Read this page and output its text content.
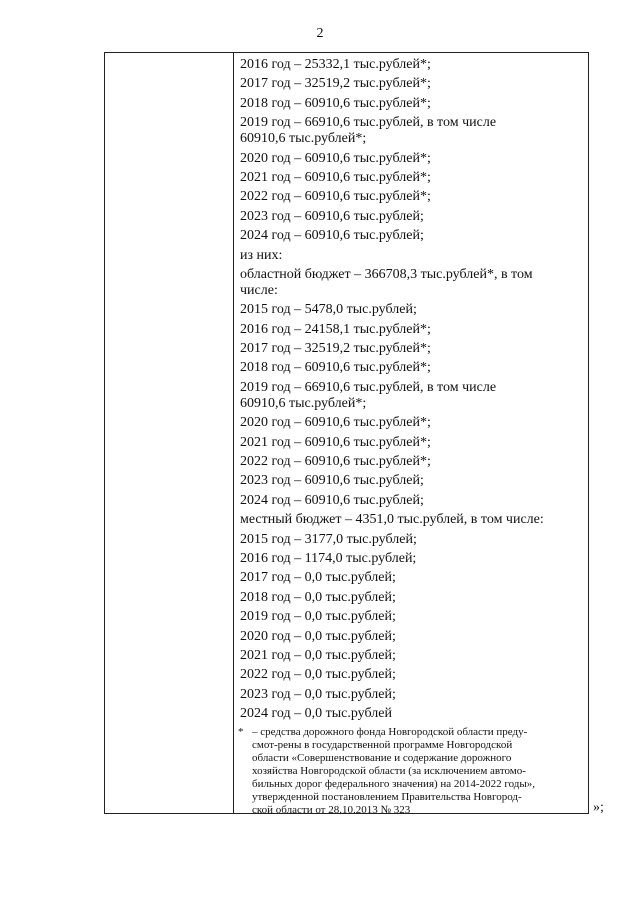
2
2016 год – 25332,1 тыс.рублей*;
2017 год – 32519,2 тыс.рублей*;
2018 год – 60910,6 тыс.рублей*;
2019 год – 66910,6 тыс.рублей, в том числе
60910,6 тыс.рублей*;
2020 год – 60910,6 тыс.рублей*;
2021 год – 60910,6 тыс.рублей*;
2022 год – 60910,6 тыс.рублей*;
2023 год – 60910,6 тыс.рублей;
2024 год – 60910,6 тыс.рублей;
из них:
областной бюджет – 366708,3 тыс.рублей*, в том
числе:
2015 год – 5478,0 тыс.рублей;
2016 год – 24158,1 тыс.рублей*;
2017 год – 32519,2 тыс.рублей*;
2018 год – 60910,6 тыс.рублей*;
2019 год – 66910,6 тыс.рублей, в том числе
60910,6 тыс.рублей*;
2020 год – 60910,6 тыс.рублей*;
2021 год – 60910,6 тыс.рублей*;
2022 год – 60910,6 тыс.рублей*;
2023 год – 60910,6 тыс.рублей;
2024 год – 60910,6 тыс.рублей;
местный бюджет – 4351,0 тыс.рублей, в том числе:
2015 год – 3177,0 тыс.рублей;
2016 год – 1174,0 тыс.рублей;
2017 год – 0,0 тыс.рублей;
2018 год – 0,0 тыс.рублей;
2019 год – 0,0 тыс.рублей;
2020 год – 0,0 тыс.рублей;
2021 год – 0,0 тыс.рублей;
2022 год – 0,0 тыс.рублей;
2023 год – 0,0 тыс.рублей;
2024 год – 0,0 тыс.рублей
* – средства дорожного фонда Новгородской области преду-
смот-рены в государственной программе Новгородской
области «Совершенствование и содержание дорожного
хозяйства Новгородской области (за исключением автомо-
бильных дорог федерального значения) на 2014-2022 годы»,
утвержденной постановлением Правительства Новгород-
ской области от 28.10.2013 № 323	»;
